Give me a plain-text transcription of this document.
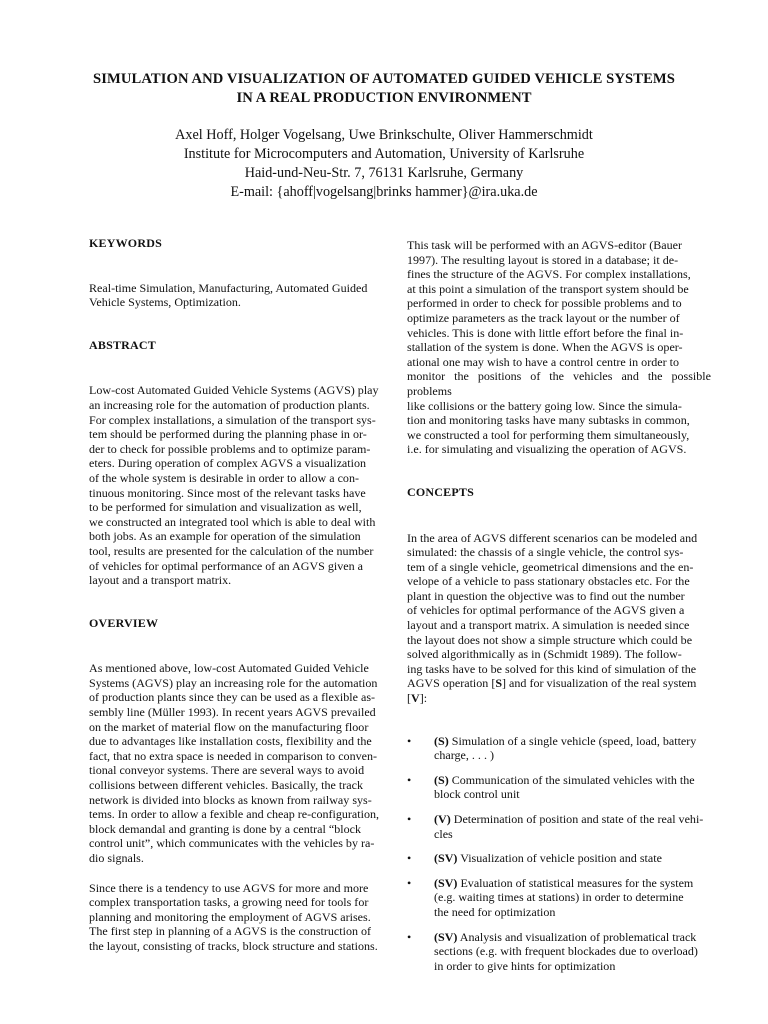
SIMULATION AND VISUALIZATION OF AUTOMATED GUIDED VEHICLE SYSTEMS
IN A REAL PRODUCTION ENVIRONMENT
Axel Hoff, Holger Vogelsang, Uwe Brinkschulte, Oliver Hammerschmidt
Institute for Microcomputers and Automation, University of Karlsruhe
Haid-und-Neu-Str. 7, 76131 Karlsruhe, Germany
E-mail: {ahoff|vogelsang|brinks hammer}@ira.uka.de

KEYWORDS

Real-time Simulation, Manufacturing, Automated Guided
Vehicle Systems, Optimization.

ABSTRACT

Low-cost Automated Guided Vehicle Systems (AGVS) play
an increasing role for the automation of production plants.
For complex installations, a simulation of the transport sys-
tem should be performed during the planning phase in or-
der to check for possible problems and to optimize param-
eters. During operation of complex AGVS a visualization
of the whole system is desirable in order to allow a con-
tinuous monitoring. Since most of the relevant tasks have
to be performed for simulation and visualization as well,
we constructed an integrated tool which is able to deal with
both jobs. As an example for operation of the simulation
tool, results are presented for the calculation of the number
of vehicles for optimal performance of an AGVS given a
layout and a transport matrix.

OVERVIEW

As mentioned above, low-cost Automated Guided Vehicle
Systems (AGVS) play an increasing role for the automation
of production plants since they can be used as a flexible as-
sembly line (Müller 1993). In recent years AGVS prevailed
on the market of material flow on the manufacturing floor
due to advantages like installation costs, flexibility and the
fact, that no extra space is needed in comparison to conven-
tional conveyor systems. There are several ways to avoid
collisions between different vehicles. Basically, the track
network is divided into blocks as known from railway sys-
tems. In order to allow a fexible and cheap re-configuration,
block demandal and granting is done by a central “block
control unit”, which communicates with the vehicles by ra-
dio signals.

Since there is a tendency to use AGVS for more and more
complex transportation tasks, a growing need for tools for
planning and monitoring the employment of AGVS arises.
The first step in planning of a AGVS is the construction of
the layout, consisting of tracks, block structure and stations.

This task will be performed with an AGVS-editor (Bauer
1997). The resulting layout is stored in a database; it de-
fines the structure of the AGVS. For complex installations,
at this point a simulation of the transport system should be
performed in order to check for possible problems and to
optimize parameters as the track layout or the number of
vehicles. This is done with little effort before the final in-
stallation of the system is done. When the AGVS is oper-
ational one may wish to have a control centre in order to
monitor the positions of the vehicles and the possible problems
like collisions or the battery going low. Since the simula-
tion and monitoring tasks have many subtasks in common,
we constructed a tool for performing them simultaneously,
i.e. for simulating and visualizing the operation of AGVS.

CONCEPTS

In the area of AGVS different scenarios can be modeled and
simulated: the chassis of a single vehicle, the control sys-
tem of a single vehicle, geometrical dimensions and the en-
velope of a vehicle to pass stationary obstacles etc. For the
plant in question the objective was to find out the number
of vehicles for optimal performance of the AGVS given a
layout and a transport matrix. A simulation is needed since
the layout does not show a simple structure which could be
solved algorithmically as in (Schmidt 1989). The follow-
ing tasks have to be solved for this kind of simulation of the
AGVS operation [S] and for visualization of the real system
[V]:

• (S) Simulation of a single vehicle (speed, load, battery
charge, . . . )
• (S) Communication of the simulated vehicles with the
block control unit
• (V) Determination of position and state of the real vehi-
cles
• (SV) Visualization of vehicle position and state
• (SV) Evaluation of statistical measures for the system
(e.g. waiting times at stations) in order to determine
the need for optimization
• (SV) Analysis and visualization of problematical track
sections (e.g. with frequent blockades due to overload)
in order to give hints for optimization
